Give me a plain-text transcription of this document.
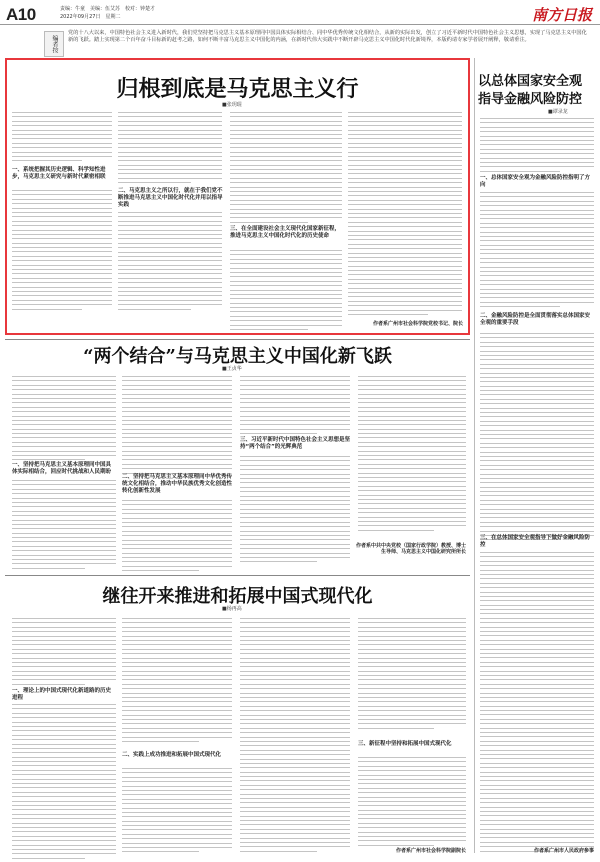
A10	责编：牛童　美编：伍艾苏　校对：钟楚才
2022年09月27日　星期二	南方日报
编者按
党的十八大以来，中国特色社会主义进入新时代，我们党坚持把马克思主义基本原理同中国具体实际相结合、同中华优秀传统文化相结合，从新的实际出发，创立了习近平新时代中国特色社会主义思想，实现了马克思主义中国化新的飞跃。踏上实现第二个百年奋斗目标新的赶考之路，如何不断丰富马克思主义中国化的内涵，在新时代伟大实践中不断开辟马克思主义中国化时代化新境界，本版约请专家学者展开阐释，敬请垂注。
归根到底是马克思主义行
■张玥琨
一、系统把握其历史逻辑、科学知性进步，马克思主义研究与新时代紧密相联
二、马克思主义之所以行，就在于我们党不断推进马克思主义中国化时代化并用以指导实践
三、在全面建设社会主义现代化国家新征程，推进马克思主义中国化时代化的历史使命
作者系广州市社会科学院党校书记、院长
以总体国家安全观
指导金融风险防控
■谭录龙
一、总体国家安全观为金融风险防控指明了方向
二、金融风险防控是全面贯彻落实总体国家安全观的重要手段
三、在总体国家安全观指导下做好金融风险防控
作者系广州市人民政府参事
“两个结合”与马克思主义中国化新飞跃
■王贞华
一、坚持把马克思主义基本原理同中国具体实际相结合，回应时代挑战和人民期盼
二、坚持把马克思主义基本原理同中华优秀传统文化相结合，推动中华民族优秀文化创造性转化创新性发展
三、习近平新时代中国特色社会主义思想是坚持“两个结合”的光辉典范
作者系中共中央党校（国家行政学院）教授、博士生导师、马克思主义中国化研究所所长
继往开来推进和拓展中国式现代化
■杨再高
一、理论上的中国式现代化新道路的历史进程
二、实践上成功推进和拓展中国式现代化
三、新征程中坚持和拓展中国式现代化
作者系广州市社会科学院副院长
